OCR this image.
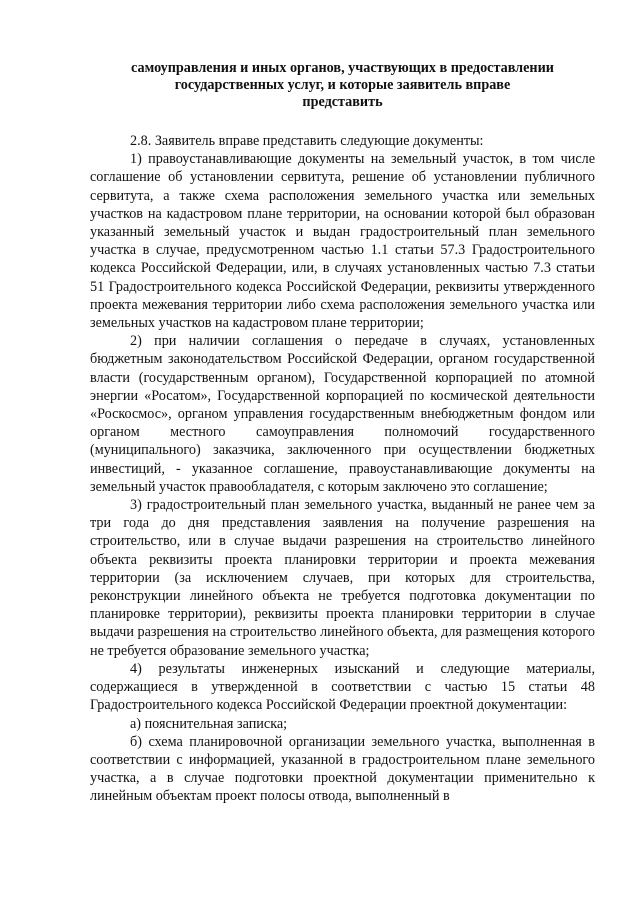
самоуправления и иных органов, участвующих в предоставлении
государственных услуг, и которые заявитель вправе
представить

2.8. Заявитель вправе представить следующие документы:

1) правоустанавливающие документы на земельный участок, в том числе соглашение об установлении сервитута, решение об установлении публичного сервитута, а также схема расположения земельного участка или земельных участков на кадастровом плане территории, на основании которой был образован указанный земельный участок и выдан градостроительный план земельного участка в случае, предусмотренном частью 1.1 статьи 57.3 Градостроительного кодекса Российской Федерации, или, в случаях установленных частью 7.3 статьи 51 Градостроительного кодекса Российской Федерации, реквизиты утвержденного проекта межевания территории либо схема расположения земельного участка или земельных участков на кадастровом плане территории;

2) при наличии соглашения о передаче в случаях, установленных бюджетным законодательством Российской Федерации, органом государственной власти (государственным органом), Государственной корпорацией по атомной энергии «Росатом», Государственной корпорацией по космической деятельности «Роскосмос», органом управления государственным внебюджетным фондом или органом местного самоуправления полномочий государственного (муниципального) заказчика, заключенного при осуществлении бюджетных инвестиций, - указанное соглашение, правоустанавливающие документы на земельный участок правообладателя, с которым заключено это соглашение;

3) градостроительный план земельного участка, выданный не ранее чем за три года до дня представления заявления на получение разрешения на строительство, или в случае выдачи разрешения на строительство линейного объекта реквизиты проекта планировки территории и проекта межевания территории (за исключением случаев, при которых для строительства, реконструкции линейного объекта не требуется подготовка документации по планировке территории), реквизиты проекта планировки территории в случае выдачи разрешения на строительство линейного объекта, для размещения которого не требуется образование земельного участка;

4) результаты инженерных изысканий и следующие материалы, содержащиеся в утвержденной в соответствии с частью 15 статьи 48 Градостроительного кодекса Российской Федерации проектной документации:

а) пояснительная записка;

б) схема планировочной организации земельного участка, выполненная в соответствии с информацией, указанной в градостроительном плане земельного участка, а в случае подготовки проектной документации применительно к линейным объектам проект полосы отвода, выполненный в
